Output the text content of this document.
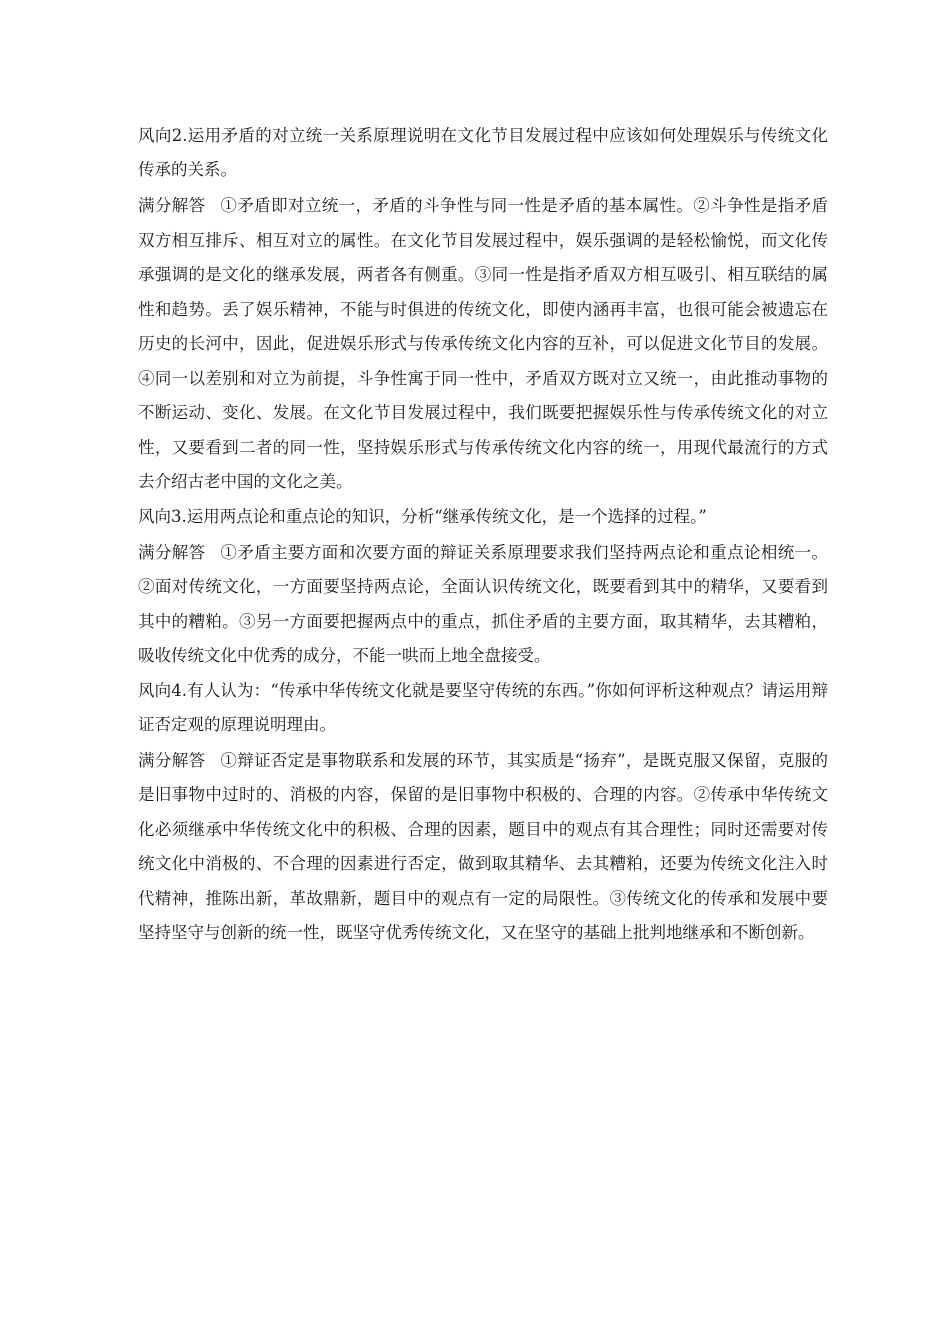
风向2.运用矛盾的对立统一关系原理说明在文化节目发展过程中应该如何处理娱乐与传统文化传承的关系。

满分解答 ①矛盾即对立统一，矛盾的斗争性与同一性是矛盾的基本属性。②斗争性是指矛盾双方相互排斥、相互对立的属性。在文化节目发展过程中，娱乐强调的是轻松愉悦，而文化传承强调的是文化的继承发展，两者各有侧重。③同一性是指矛盾双方相互吸引、相互联结的属性和趋势。丢了娱乐精神，不能与时俱进的传统文化，即使内涵再丰富，也很可能会被遗忘在历史的长河中，因此，促进娱乐形式与传承传统文化内容的互补，可以促进文化节目的发展。④同一以差别和对立为前提，斗争性寓于同一性中，矛盾双方既对立又统一，由此推动事物的不断运动、变化、发展。在文化节目发展过程中，我们既要把握娱乐性与传承传统文化的对立性，又要看到二者的同一性，坚持娱乐形式与传承传统文化内容的统一，用现代最流行的方式去介绍古老中国的文化之美。

风向3.运用两点论和重点论的知识，分析“继承传统文化，是一个选择的过程。”

满分解答 ①矛盾主要方面和次要方面的辩证关系原理要求我们坚持两点论和重点论相统一。②面对传统文化，一方面要坚持两点论，全面认识传统文化，既要看到其中的精华，又要看到其中的糟粕。③另一方面要把握两点中的重点，抓住矛盾的主要方面，取其精华，去其糟粕，吸收传统文化中优秀的成分，不能一哄而上地全盘接受。

风向4.有人认为：“传承中华传统文化就是要坚守传统的东西。”你如何评析这种观点？请运用辩证否定观的原理说明理由。

满分解答 ①辩证否定是事物联系和发展的环节，其实质是“扬弃”，是既克服又保留，克服的是旧事物中过时的、消极的内容，保留的是旧事物中积极的、合理的内容。②传承中华传统文化必须继承中华传统文化中的积极、合理的因素，题目中的观点有其合理性；同时还需要对传统文化中消极的、不合理的因素进行否定，做到取其精华、去其糟粕，还要为传统文化注入时代精神，推陈出新，革故鼎新，题目中的观点有一定的局限性。③传统文化的传承和发展中要坚持坚守与创新的统一性，既坚守优秀传统文化，又在坚守的基础上批判地继承和不断创新。
